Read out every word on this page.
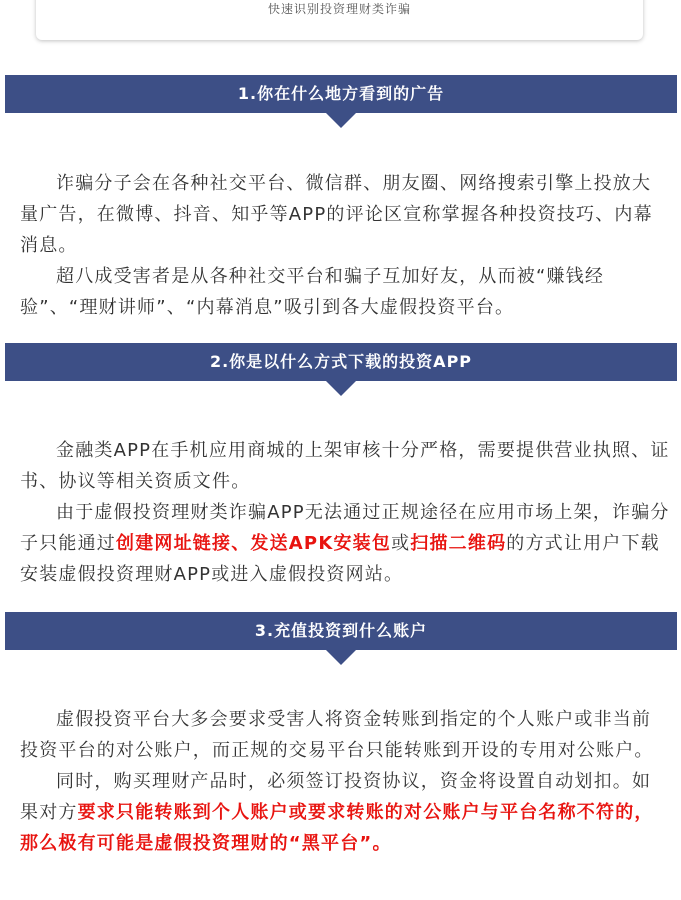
快速识别投资理财类诈骗
1.你在什么地方看到的广告

诈骗分子会在各种社交平台、微信群、朋友圈、网络搜索引擎上投放大量广告，在微博、抖音、知乎等APP的评论区宣称掌握各种投资技巧、内幕消息。

超八成受害者是从各种社交平台和骗子互加好友，从而被“赚钱经验”、“理财讲师”、“内幕消息”吸引到各大虚假投资平台。

2.你是以什么方式下载的投资APP

金融类APP在手机应用商城的上架审核十分严格，需要提供营业执照、证书、协议等相关资质文件。

由于虚假投资理财类诈骗APP无法通过正规途径在应用市场上架，诈骗分子只能通过创建网址链接、发送APK安装包或扫描二维码的方式让用户下载安装虚假投资理财APP或进入虚假投资网站。

3.充值投资到什么账户

虚假投资平台大多会要求受害人将资金转账到指定的个人账户或非当前投资平台的对公账户，而正规的交易平台只能转账到开设的专用对公账户。

同时，购买理财产品时，必须签订投资协议，资金将设置自动划扣。如果对方要求只能转账到个人账户或要求转账的对公账户与平台名称不符的，那么极有可能是虚假投资理财的“黑平台”。
